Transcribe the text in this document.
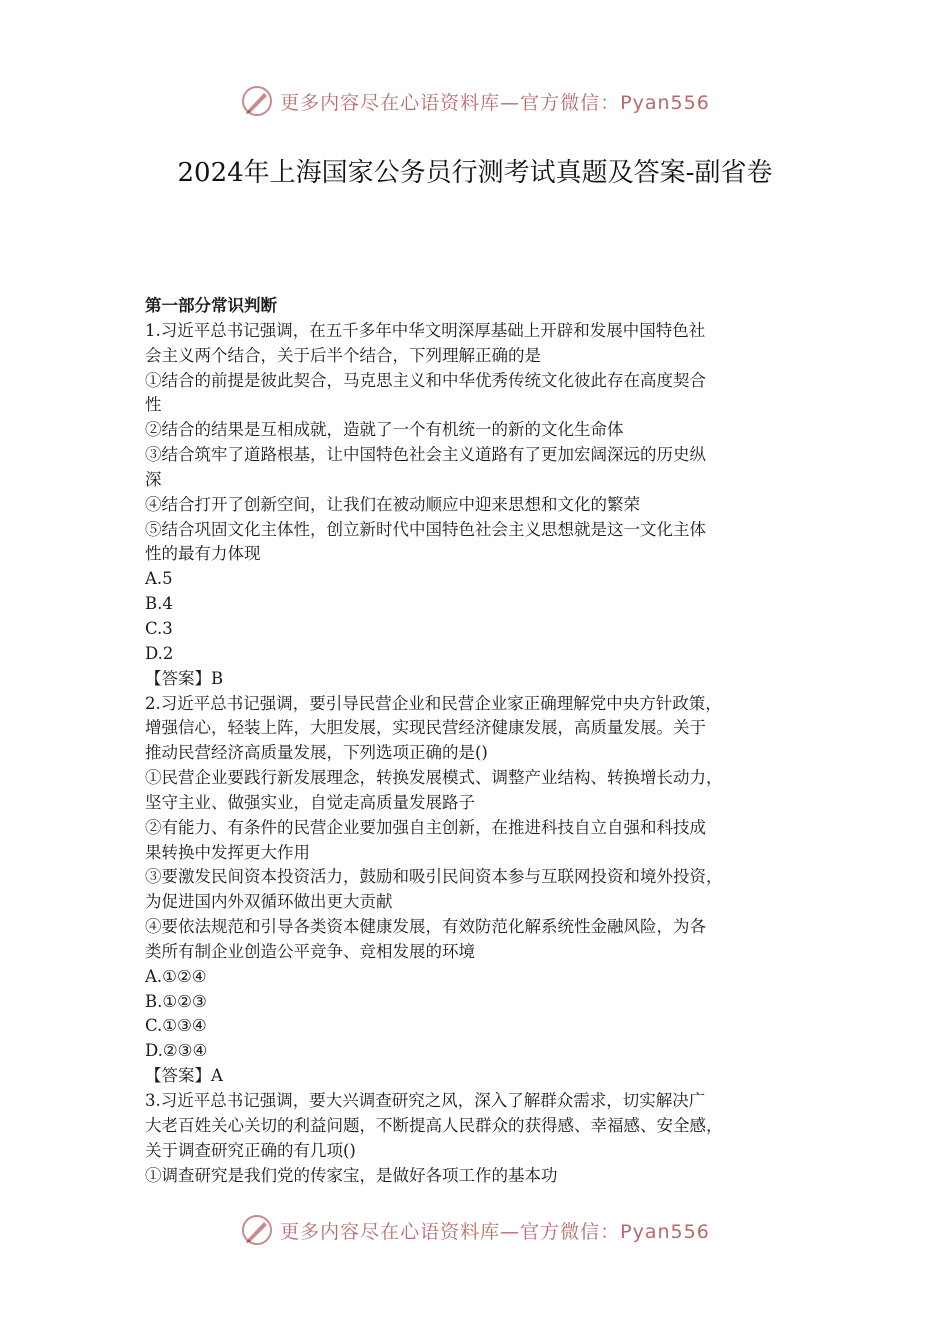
更多内容尽在心语资料库—官方微信：Pyan556
2024年上海国家公务员行测考试真题及答案-副省卷

第一部分常识判断

1.习近平总书记强调，在五千多年中华文明深厚基础上开辟和发展中国特色社

会主义两个结合，关于后半个结合，下列理解正确的是

①结合的前提是彼此契合，马克思主义和中华优秀传统文化彼此存在高度契合

性

②结合的结果是互相成就，造就了一个有机统一的新的文化生命体

③结合筑牢了道路根基，让中国特色社会主义道路有了更加宏阔深远的历史纵

深

④结合打开了创新空间，让我们在被动顺应中迎来思想和文化的繁荣

⑤结合巩固文化主体性，创立新时代中国特色社会主义思想就是这一文化主体

性的最有力体现

A.5

B.4

C.3

D.2

【答案】B

2.习近平总书记强调，要引导民营企业和民营企业家正确理解党中央方针政策，

增强信心，轻装上阵，大胆发展，实现民营经济健康发展，高质量发展。关于

推动民营经济高质量发展，下列选项正确的是()

①民营企业要践行新发展理念，转换发展模式、调整产业结构、转换增长动力，

坚守主业、做强实业，自觉走高质量发展路子

②有能力、有条件的民营企业要加强自主创新，在推进科技自立自强和科技成

果转换中发挥更大作用

③要激发民间资本投资活力，鼓励和吸引民间资本参与互联网投资和境外投资，

为促进国内外双循环做出更大贡献

④要依法规范和引导各类资本健康发展，有效防范化解系统性金融风险，为各

类所有制企业创造公平竞争、竞相发展的环境

A.①②④

B.①②③

C.①③④

D.②③④

【答案】A

3.习近平总书记强调，要大兴调查研究之风，深入了解群众需求，切实解决广

大老百姓关心关切的利益问题，不断提高人民群众的获得感、幸福感、安全感，

关于调查研究正确的有几项()

①调查研究是我们党的传家宝，是做好各项工作的基本功

更多内容尽在心语资料库—官方微信：Pyan556
